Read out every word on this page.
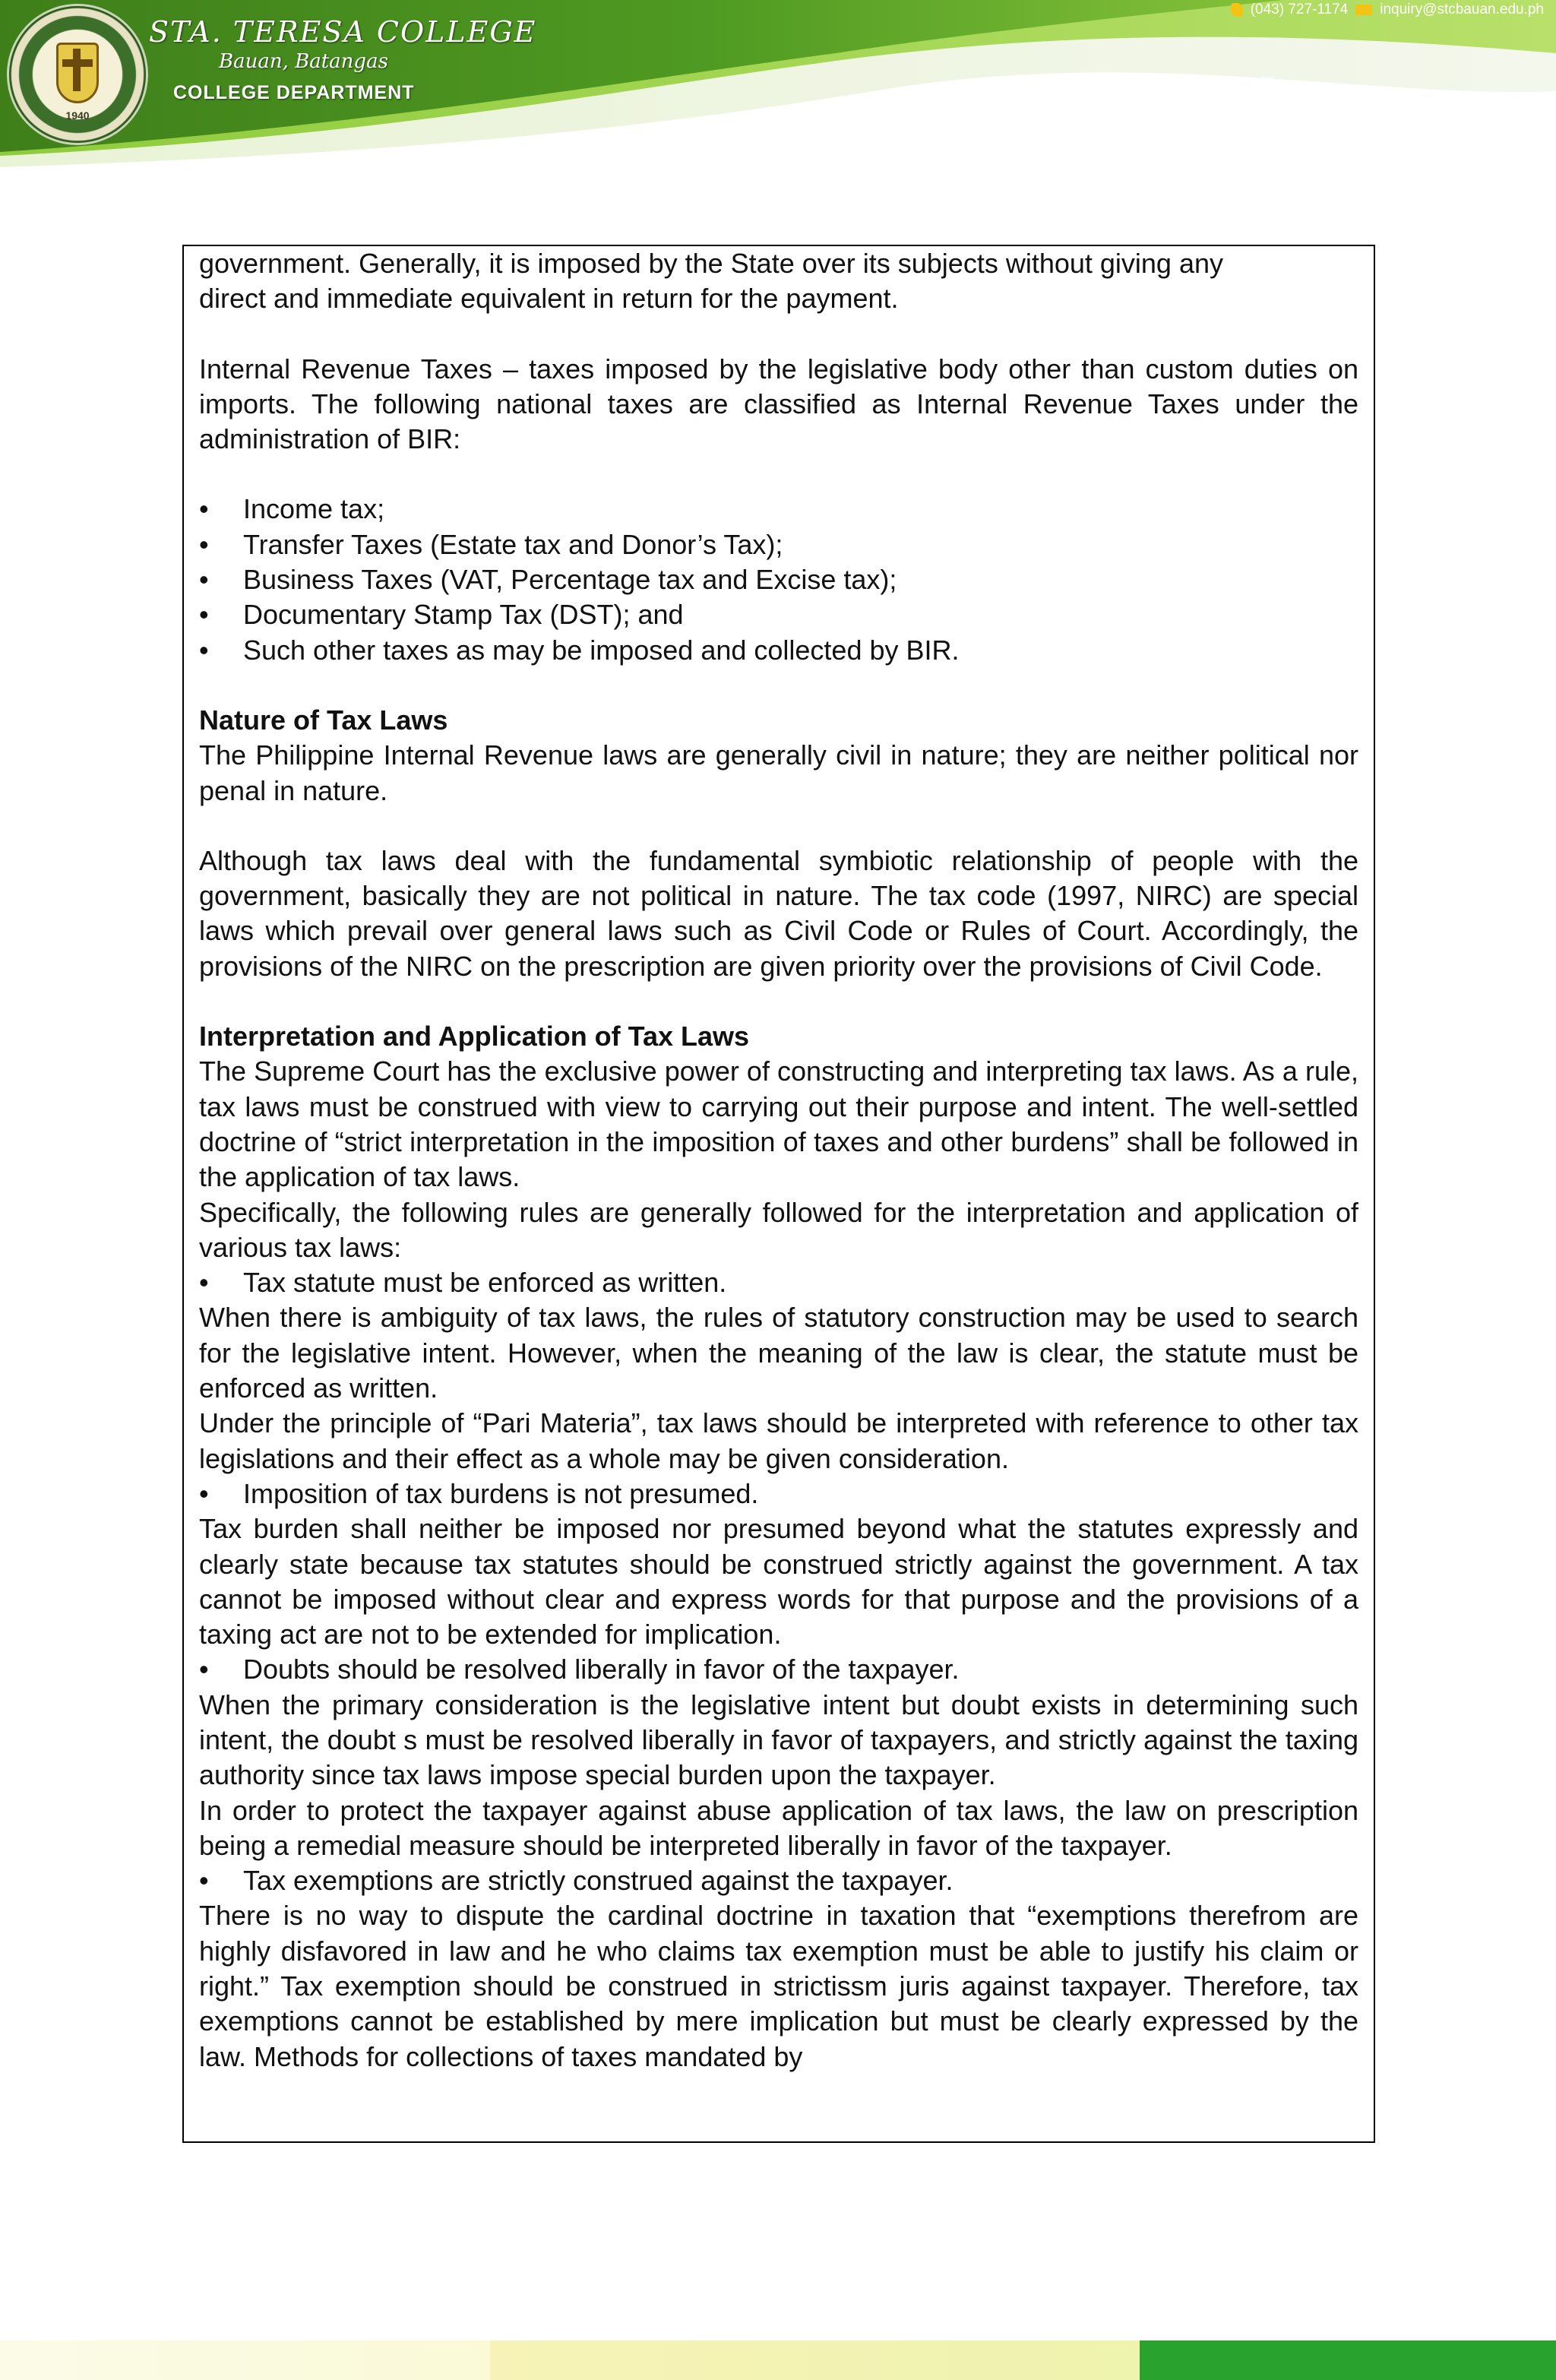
1940
STA. TERESA COLLEGE
Bauan, Batangas
COLLEGE DEPARTMENT
(043) 727-1174 inquiry@stcbauan.edu.ph

government. Generally, it is imposed by the State over its subjects without giving any

direct and immediate equivalent in return for the payment.

Internal Revenue Taxes – taxes imposed by the legislative body other than custom duties on imports. The following national taxes are classified as Internal Revenue Taxes under the administration of BIR:

•	Income tax;
•	Transfer Taxes (Estate tax and Donor’s Tax);
•	Business Taxes (VAT, Percentage tax and Excise tax);
•	Documentary Stamp Tax (DST); and
•	Such other taxes as may be imposed and collected by BIR.

Nature of Tax Laws

The Philippine Internal Revenue laws are generally civil in nature; they are neither political nor penal in nature.

Although tax laws deal with the fundamental symbiotic relationship of people with the government, basically they are not political in nature. The tax code (1997, NIRC) are special laws which prevail over general laws such as Civil Code or Rules of Court. Accordingly, the provisions of the NIRC on the prescription are given priority over the provisions of Civil Code.

Interpretation and Application of Tax Laws

The Supreme Court has the exclusive power of constructing and interpreting tax laws. As a rule, tax laws must be construed with view to carrying out their purpose and intent. The well-settled doctrine of “strict interpretation in the imposition of taxes and other burdens” shall be followed in the application of tax laws.

Specifically, the following rules are generally followed for the interpretation and application of various tax laws:

•	Tax statute must be enforced as written.

When there is ambiguity of tax laws, the rules of statutory construction may be used to search for the legislative intent. However, when the meaning of the law is clear, the statute must be enforced as written.

Under the principle of “Pari Materia”, tax laws should be interpreted with reference to other tax legislations and their effect as a whole may be given consideration.

•	Imposition of tax burdens is not presumed.

Tax burden shall neither be imposed nor presumed beyond what the statutes expressly and clearly state because tax statutes should be construed strictly against the government. A tax cannot be imposed without clear and express words for that purpose and the provisions of a taxing act are not to be extended for implication.

•	Doubts should be resolved liberally in favor of the taxpayer.

When the primary consideration is the legislative intent but doubt exists in determining such intent, the doubt s must be resolved liberally in favor of taxpayers, and strictly against the taxing authority since tax laws impose special burden upon the taxpayer.

In order to protect the taxpayer against abuse application of tax laws, the law on prescription being a remedial measure should be interpreted liberally in favor of the taxpayer.

•	Tax exemptions are strictly construed against the taxpayer.

There is no way to dispute the cardinal doctrine in taxation that “exemptions therefrom are highly disfavored in law and he who claims tax exemption must be able to justify his claim or right.” Tax exemption should be construed in strictissm juris against taxpayer. Therefore, tax exemptions cannot be established by mere implication but must be clearly expressed by the law. Methods for collections of taxes mandated by
